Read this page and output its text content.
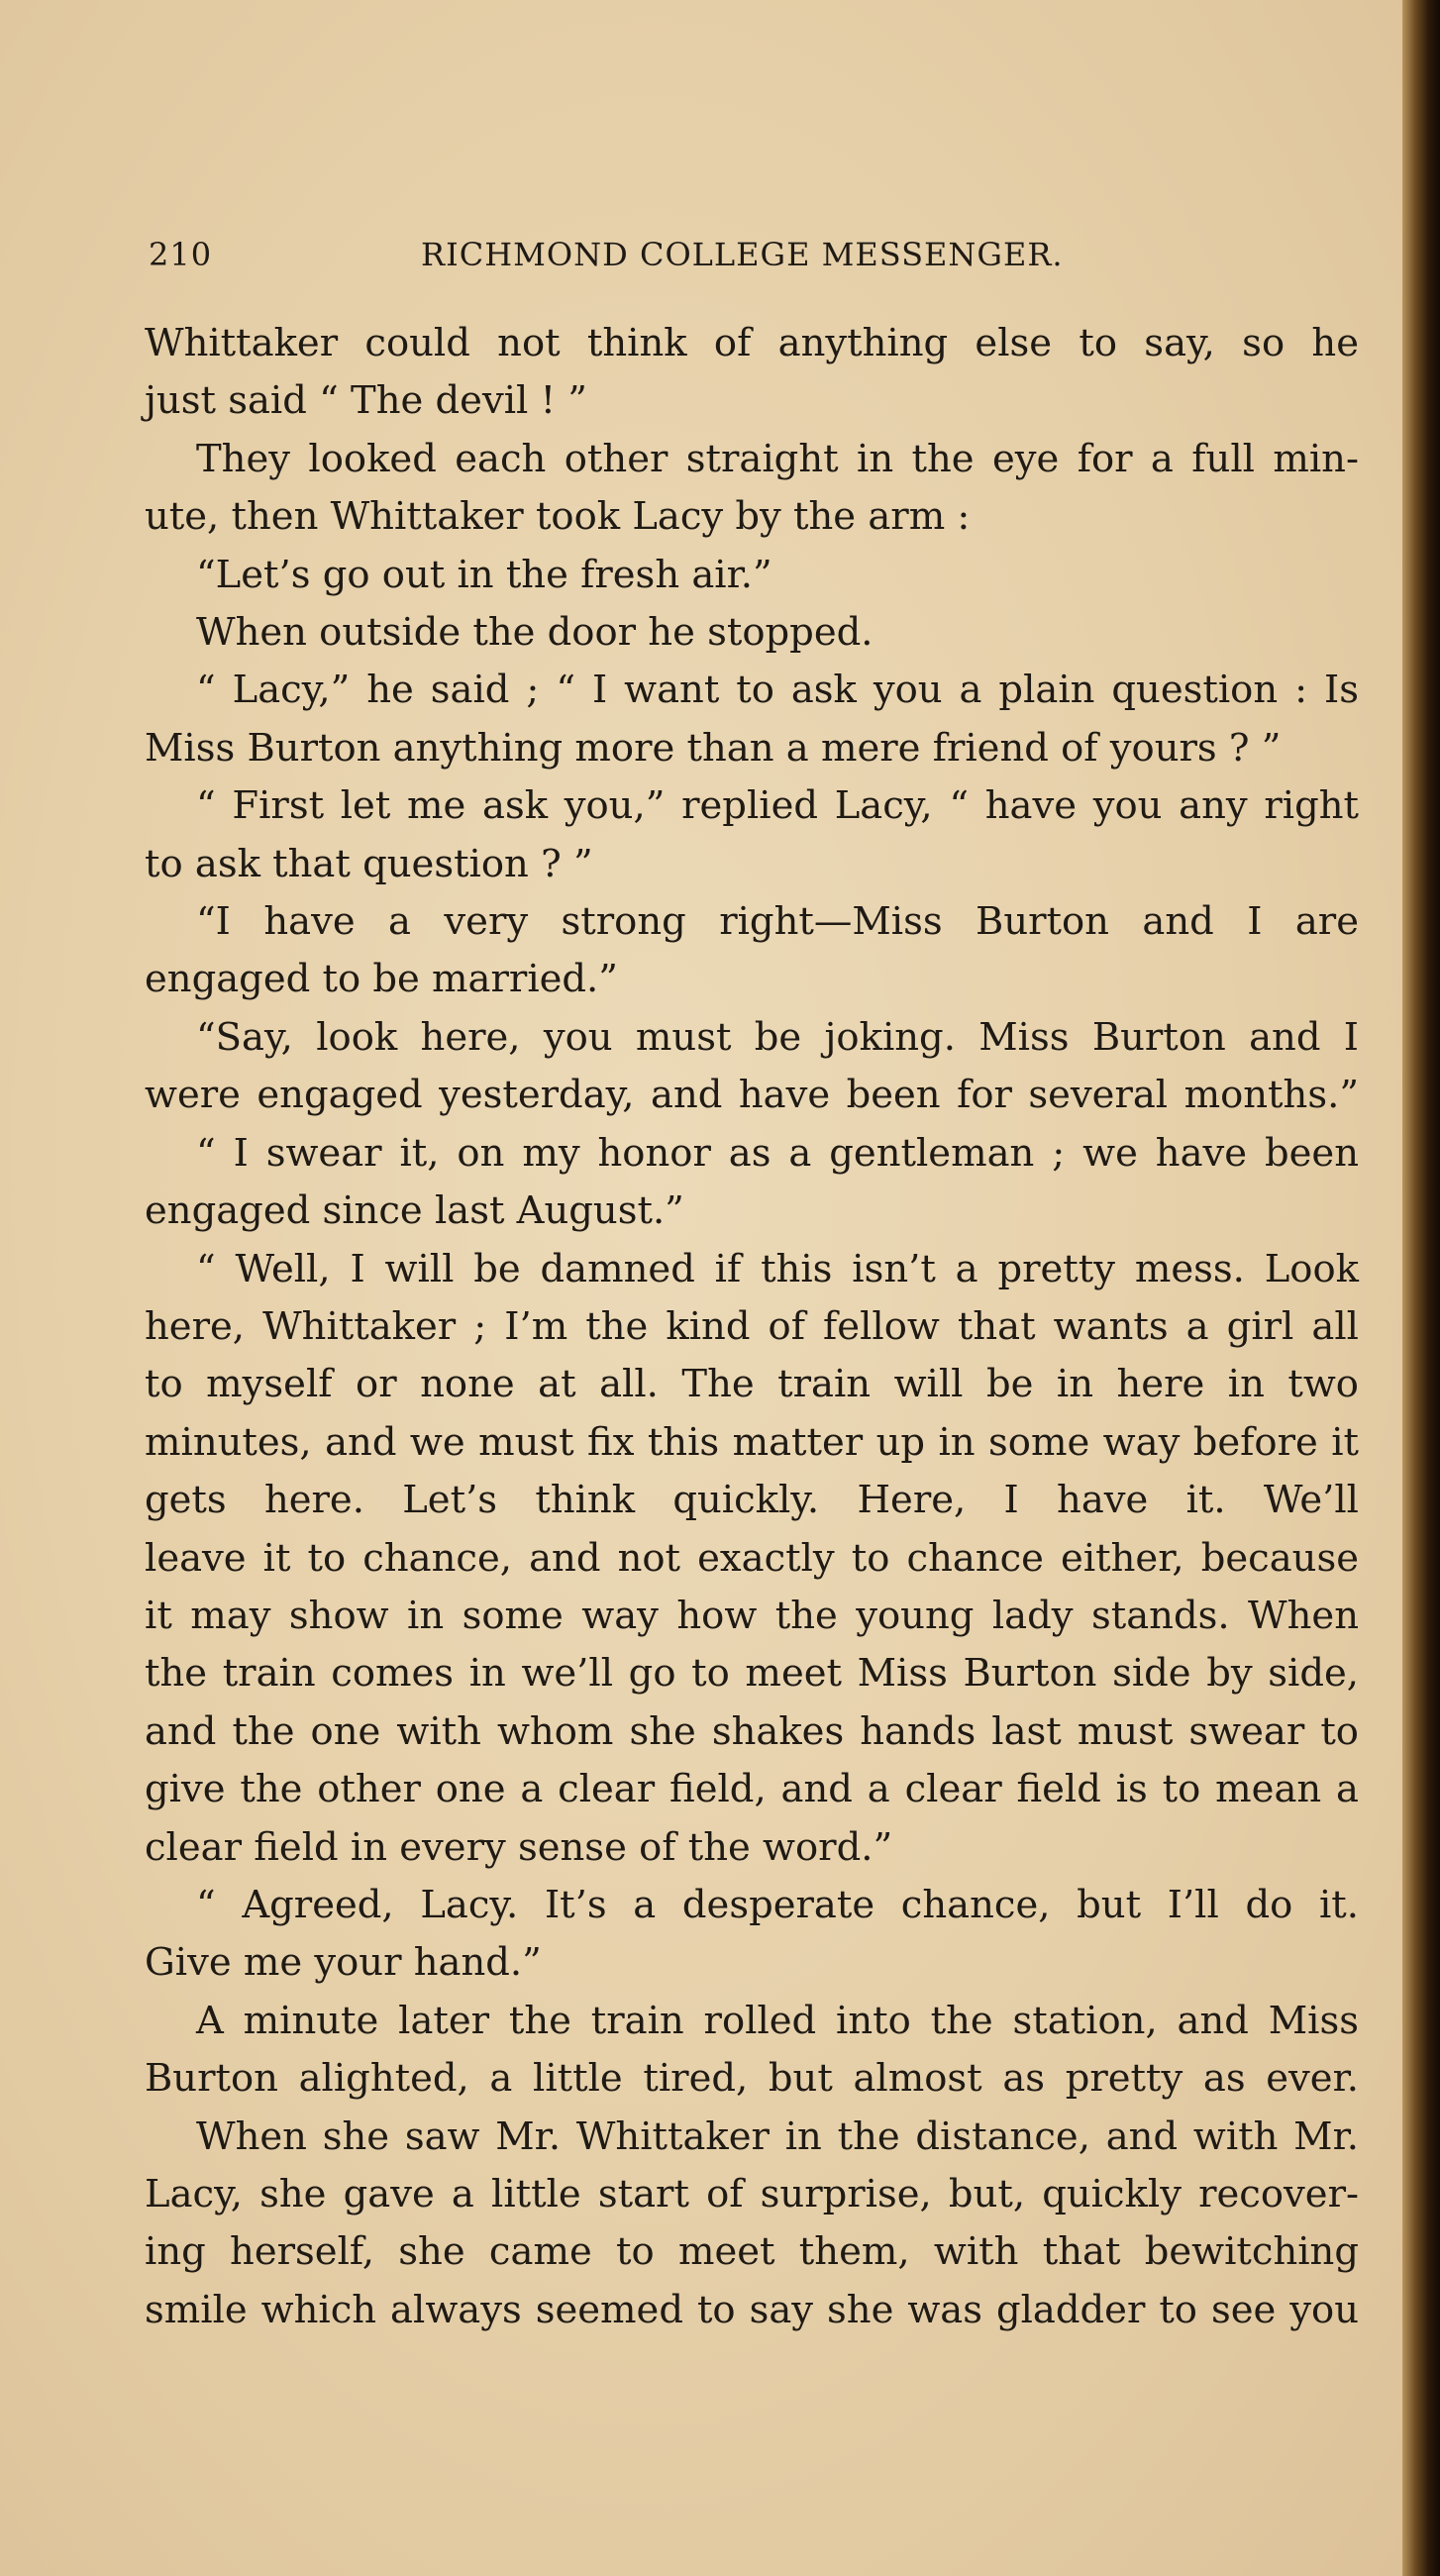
210	RICHMOND COLLEGE MESSENGER.
Whittaker could not think of anything else to say, so he
just said “ The devil ! ”
They looked each other straight in the eye for a full min-
ute, then Whittaker took Lacy by the arm :
“Let’s go out in the fresh air.”
When outside the door he stopped.
“ Lacy,” he said ; “ I want to ask you a plain question : Is
Miss Burton anything more than a mere friend of yours ? ”
“ First let me ask you,” replied Lacy, “ have you any right
to ask that question ? ”
“I have a very strong right—Miss Burton and I are
engaged to be married.”
“Say, look here, you must be joking. Miss Burton and I
were engaged yesterday, and have been for several months.”
“ I swear it, on my honor as a gentleman ; we have been
engaged since last August.”
“ Well, I will be damned if this isn’t a pretty mess. Look
here, Whittaker ; I’m the kind of fellow that wants a girl all
to myself or none at all. The train will be in here in two
minutes, and we must fix this matter up in some way before it
gets here. Let’s think quickly. Here, I have it. We’ll
leave it to chance, and not exactly to chance either, because
it may show in some way how the young lady stands. When
the train comes in we’ll go to meet Miss Burton side by side,
and the one with whom she shakes hands last must swear to
give the other one a clear field, and a clear field is to mean a
clear field in every sense of the word.”
“ Agreed, Lacy. It’s a desperate chance, but I’ll do it.
Give me your hand.”
A minute later the train rolled into the station, and Miss
Burton alighted, a little tired, but almost as pretty as ever.
When she saw Mr. Whittaker in the distance, and with Mr.
Lacy, she gave a little start of surprise, but, quickly recover-
ing herself, she came to meet them, with that bewitching
smile which always seemed to say she was gladder to see you
